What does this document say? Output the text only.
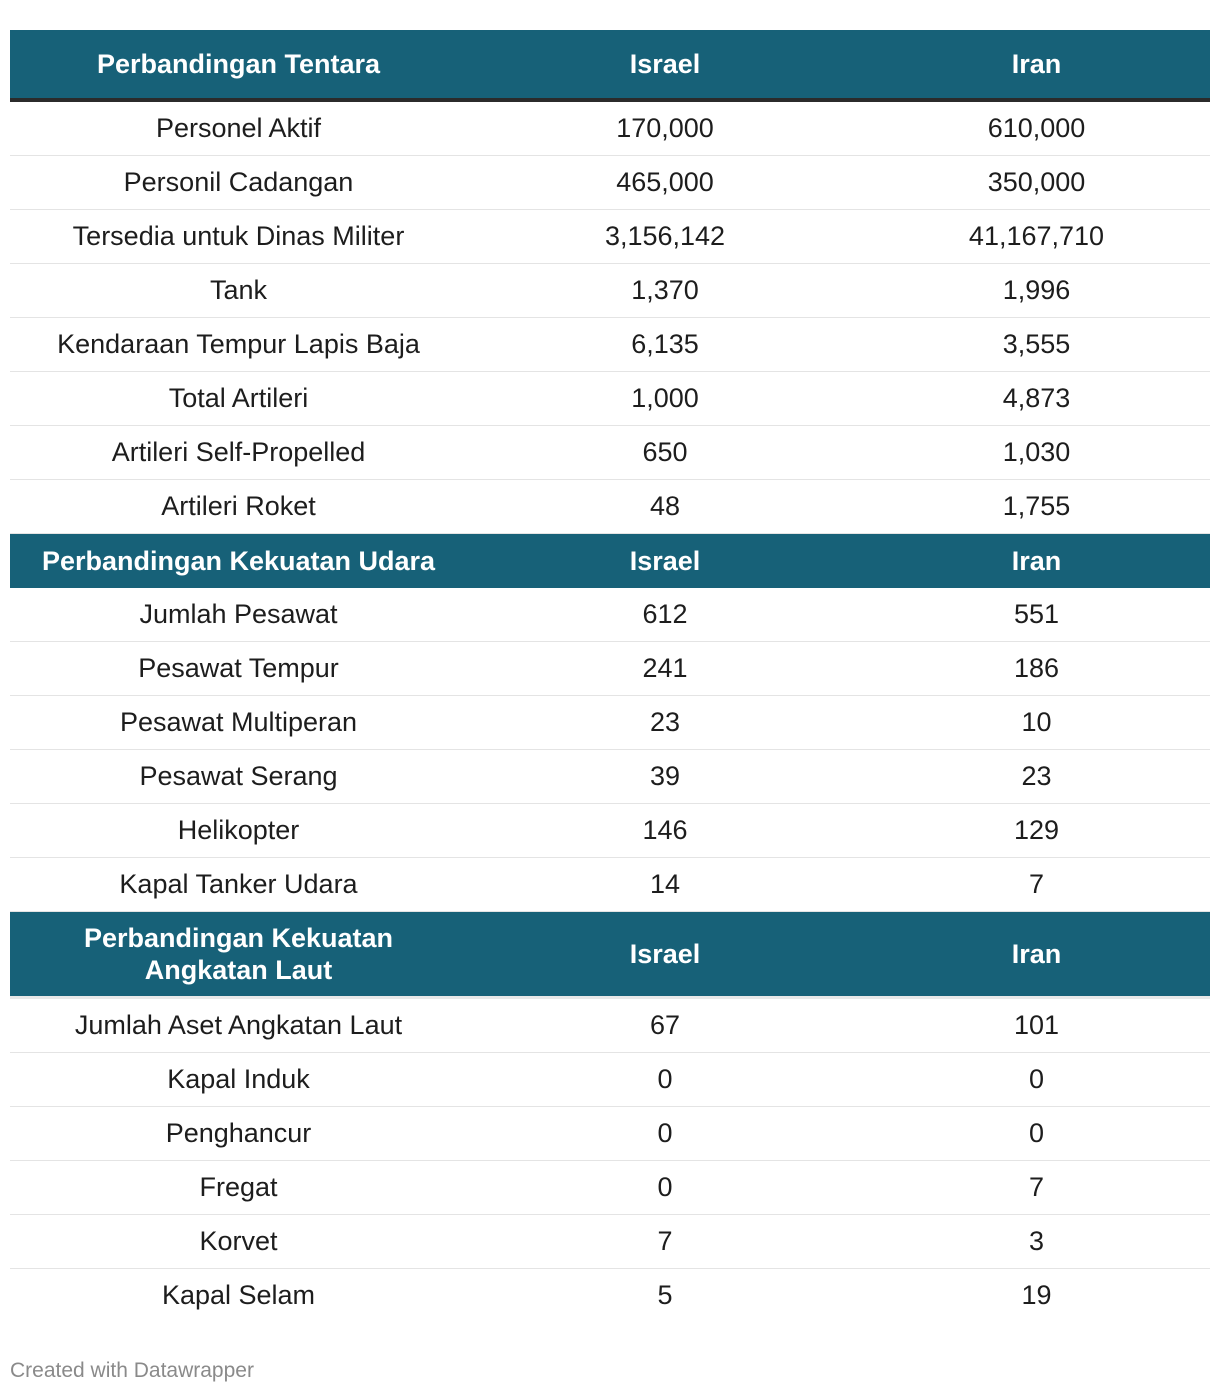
Perbandingan Tentara	Israel	Iran
Personel Aktif	170,000	610,000
Personil Cadangan	465,000	350,000
Tersedia untuk Dinas Militer	3,156,142	41,167,710
Tank	1,370	1,996
Kendaraan Tempur Lapis Baja	6,135	3,555
Total Artileri	1,000	4,873
Artileri Self-Propelled	650	1,030
Artileri Roket	48	1,755
Perbandingan Kekuatan Udara	Israel	Iran
Jumlah Pesawat	612	551
Pesawat Tempur	241	186
Pesawat Multiperan	23	10
Pesawat Serang	39	23
Helikopter	146	129
Kapal Tanker Udara	14	7

Perbandingan Kekuatan
Angkatan Laut	Israel	Iran
Jumlah Aset Angkatan Laut	67	101
Kapal Induk	0	0
Penghancur	0	0
Fregat	0	7
Korvet	7	3
Kapal Selam	5	19
Created with Datawrapper
